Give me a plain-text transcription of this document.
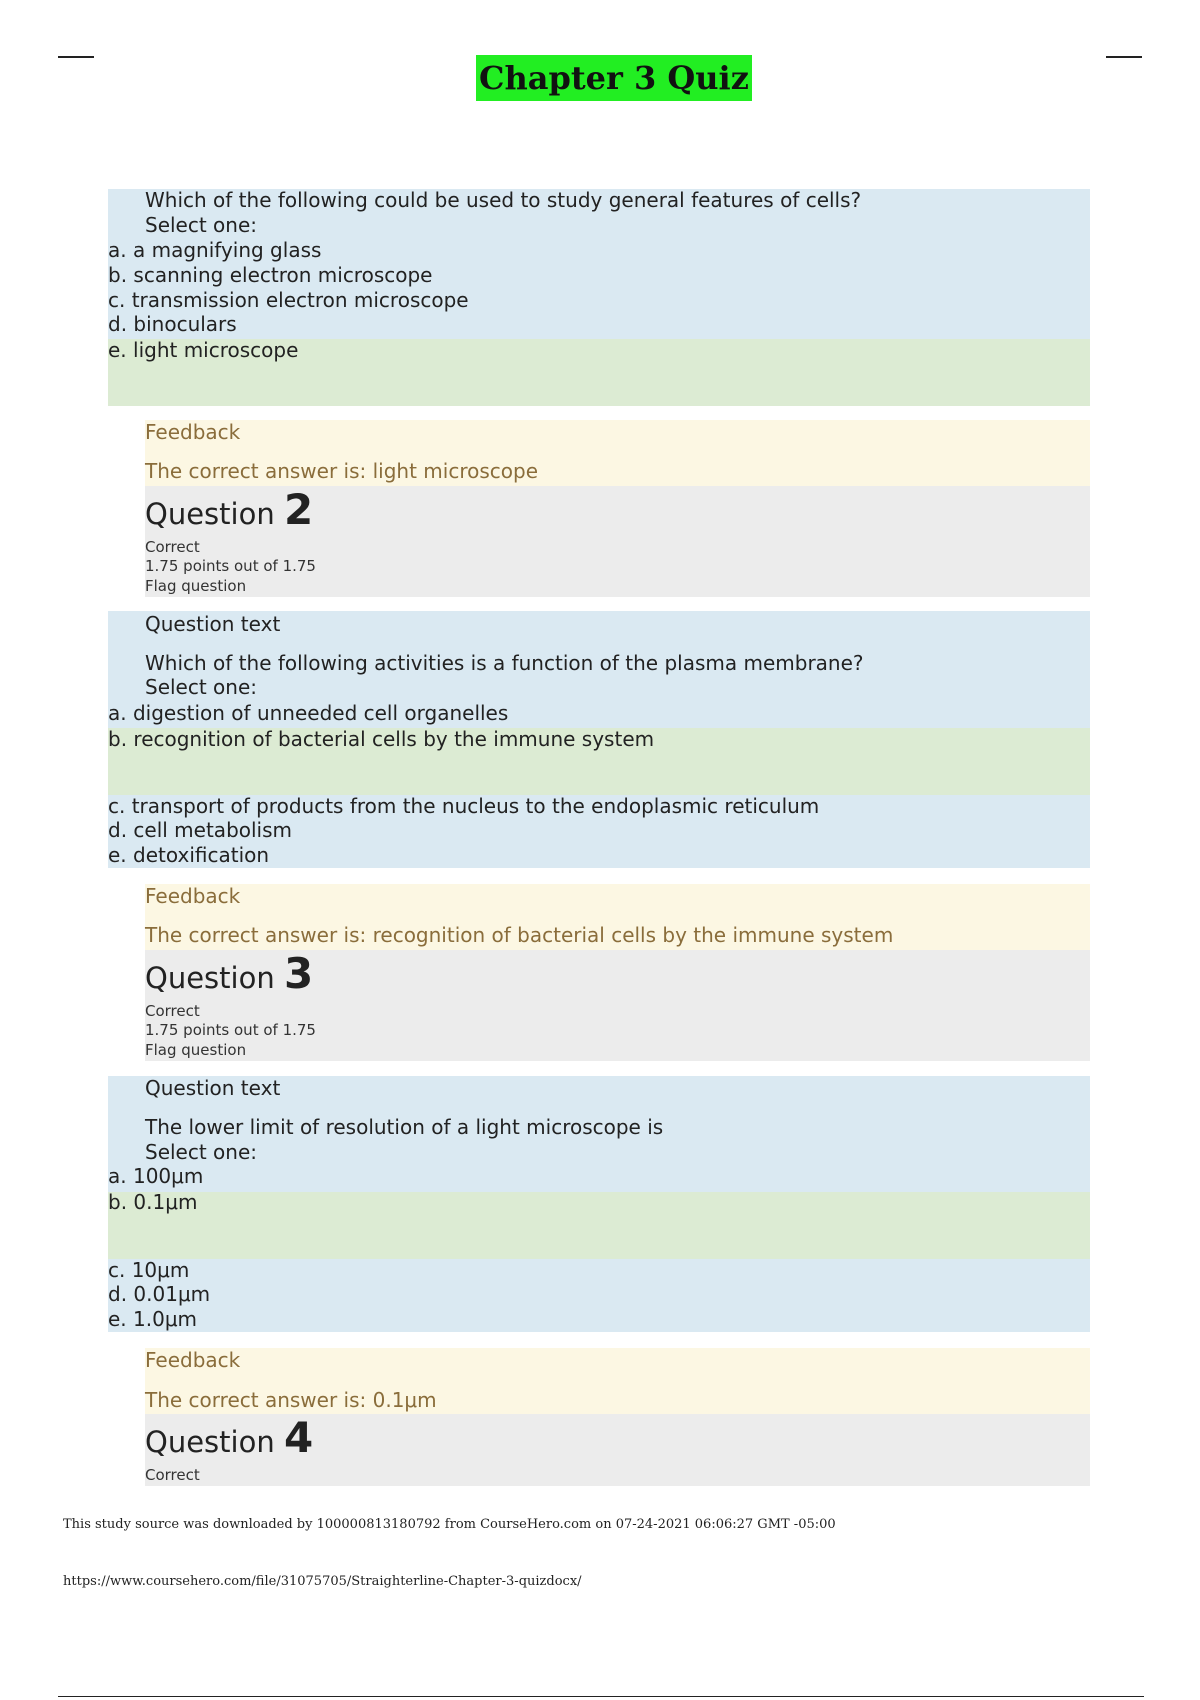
Chapter 3 Quiz
Which of the following could be used to study general features of cells?
Select one:
a. a magnifying glass
b. scanning electron microscope
c. transmission electron microscope
d. binoculars
e. light microscope
Feedback
The correct answer is: light microscope
Question 2
Correct
1.75 points out of 1.75
Flag question
Question text
Which of the following activities is a function of the plasma membrane?
Select one:
a. digestion of unneeded cell organelles
b. recognition of bacterial cells by the immune system
c. transport of products from the nucleus to the endoplasmic reticulum
d. cell metabolism
e. detoxification
Feedback
The correct answer is: recognition of bacterial cells by the immune system
Question 3
Correct
1.75 points out of 1.75
Flag question
Question text
The lower limit of resolution of a light microscope is
Select one:
a. 100μm
b. 0.1μm
c. 10μm
d. 0.01μm
e. 1.0μm
Feedback
The correct answer is: 0.1μm
Question 4
Correct
This study source was downloaded by 100000813180792 from CourseHero.com on 07-24-2021 06:06:27 GMT -05:00
https://www.coursehero.com/file/31075705/Straighterline-Chapter-3-quizdocx/
